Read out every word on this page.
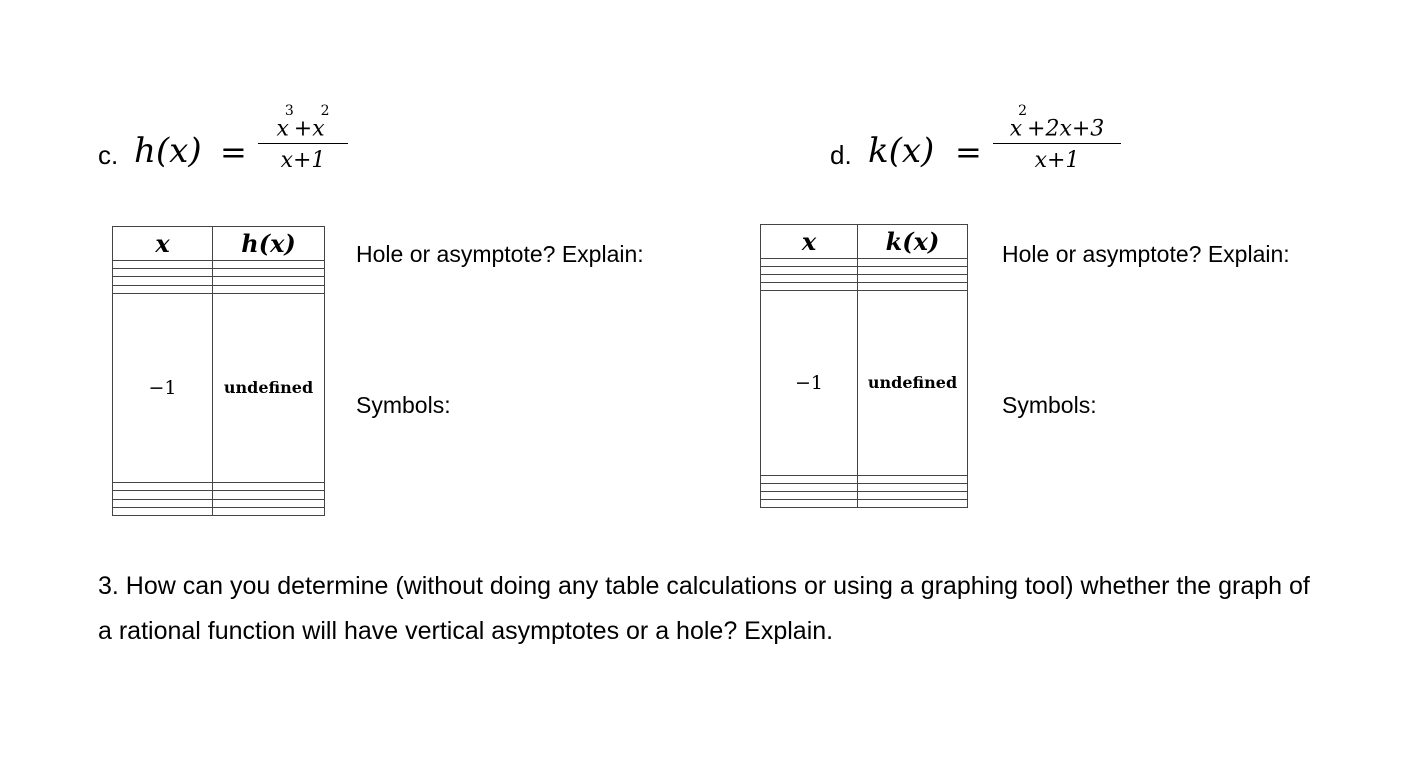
c. h(x) =
$x^3+x^2$
x+1
x	h(x)

−1	undefined

Hole or asymptote? Explain:
Symbols:
d. k(x) =
$x^2+2x+3$
x+1
x	k(x)

−1	undefined

Hole or asymptote? Explain:
Symbols:
3. How can you determine (without doing any table calculations or using a graphing tool) whether the graph of a rational function will have vertical asymptotes or a hole? Explain.
